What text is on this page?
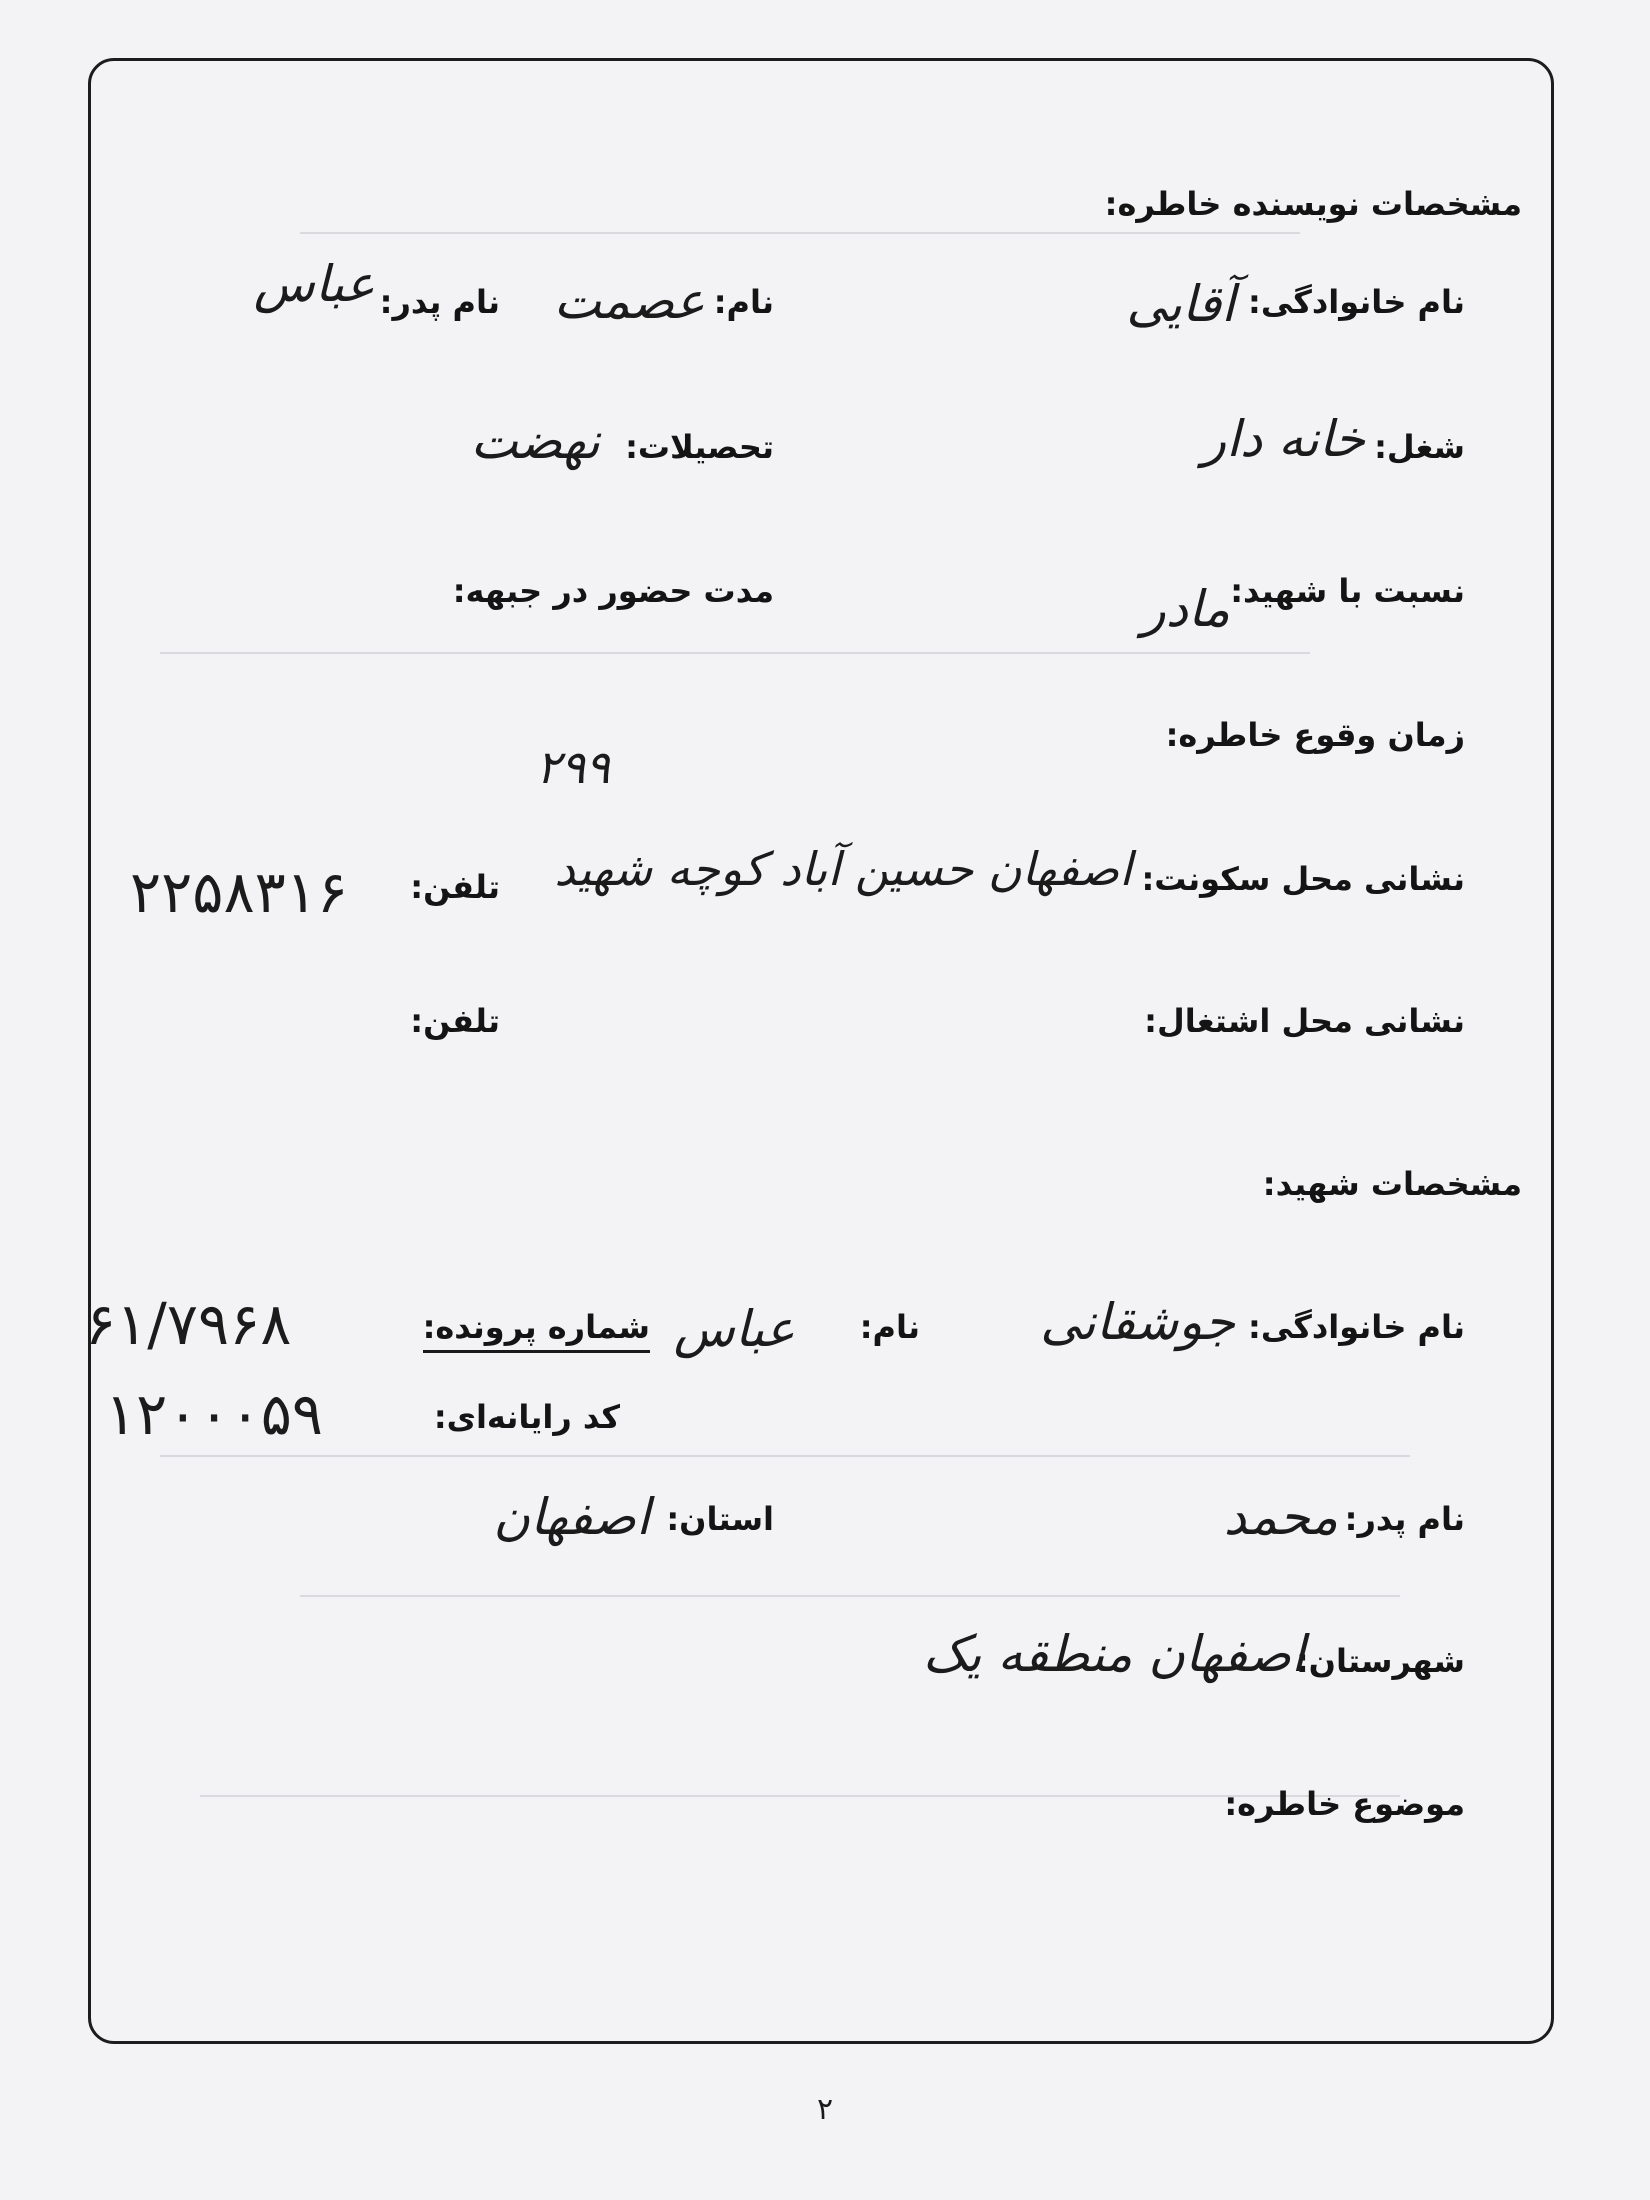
مشخصات نویسنده خاطره:
نام خانوادگی:
آقایی
نام:
عصمت
نام پدر:
عباس
شغل:
خانه دار
تحصیلات:
نهضت
نسبت با شهید:
مادر
مدت حضور در جبهه:
زمان وقوع خاطره:
۲۹۹
نشانی محل سکونت:
اصفهان حسین آباد کوچه شهید
تلفن:
۲۲۵۸۳۱۶
نشانی محل اشتغال:
تلفن:
مشخصات شهید:
نام خانوادگی:
جوشقانی
نام:
عباس
شماره پرونده:
۶۱/۷۹۶۸
کد رایانه‌ای:
۱۲۰۰۰۵۹
نام پدر:
محمد
استان:
اصفهان
شهرستان:
اصفهان منطقه یک
موضوع خاطره:
۲
